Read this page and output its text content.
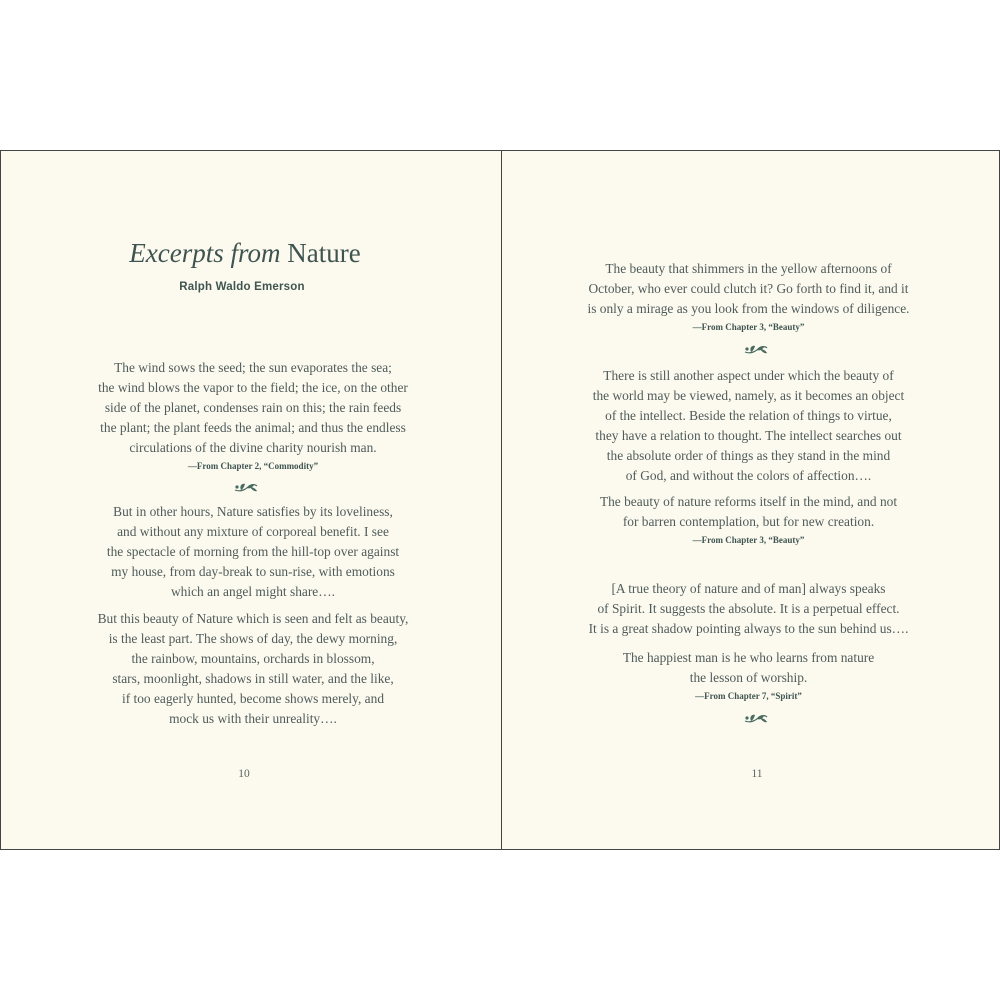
Excerpts from Nature
Ralph Waldo Emerson
The wind sows the seed; the sun evaporates the sea;
the wind blows the vapor to the field; the ice, on the other
side of the planet, condenses rain on this; the rain feeds
the plant; the plant feeds the animal; and thus the endless
circulations of the divine charity nourish man.
—From Chapter 2, “Commodity”
But in other hours, Nature satisfies by its loveliness,
and without any mixture of corporeal benefit. I see
the spectacle of morning from the hill-top over against
my house, from day-break to sun-rise, with emotions
which an angel might share….
But this beauty of Nature which is seen and felt as beauty,
is the least part. The shows of day, the dewy morning,
the rainbow, mountains, orchards in blossom,
stars, moonlight, shadows in still water, and the like,
if too eagerly hunted, become shows merely, and
mock us with their unreality….
10
The beauty that shimmers in the yellow afternoons of
October, who ever could clutch it? Go forth to find it, and it
is only a mirage as you look from the windows of diligence.
—From Chapter 3, “Beauty”
There is still another aspect under which the beauty of
the world may be viewed, namely, as it becomes an object
of the intellect. Beside the relation of things to virtue,
they have a relation to thought. The intellect searches out
the absolute order of things as they stand in the mind
of God, and without the colors of affection….
The beauty of nature reforms itself in the mind, and not
for barren contemplation, but for new creation.
—From Chapter 3, “Beauty”
[A true theory of nature and of man] always speaks
of Spirit. It suggests the absolute. It is a perpetual effect.
It is a great shadow pointing always to the sun behind us….
The happiest man is he who learns from nature
the lesson of worship.
—From Chapter 7, “Spirit”
11
